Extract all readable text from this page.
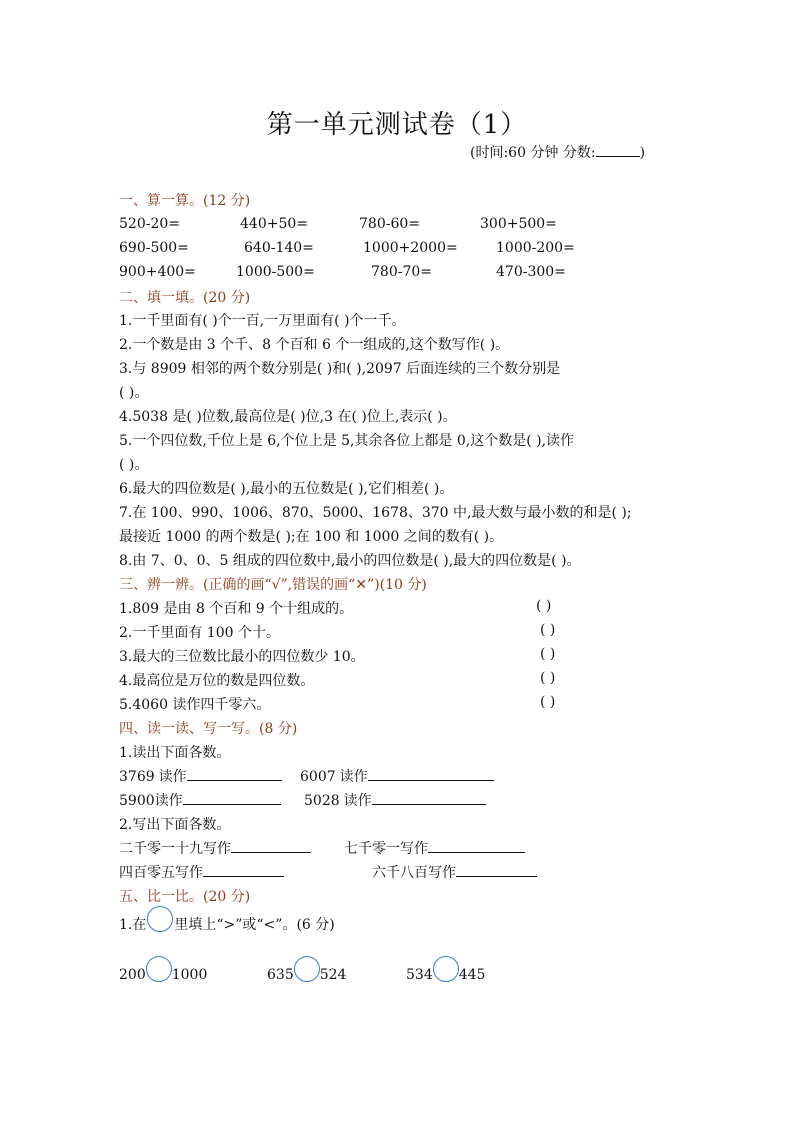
第一单元测试卷（1）
(时间:60 分钟 分数:	)
一、算一算。(12 分)
520-20=	440+50=	780-60=	300+500=
690-500=	640-140=	1000+2000=	1000-200=
900+400=	1000-500=	780-70=	470-300=
二、填一填。(20 分)
1.一千里面有( )个一百,一万里面有( )个一千。
2.一个数是由 3 个千、8 个百和 6 个一组成的,这个数写作( )。
3.与 8909 相邻的两个数分别是( )和( ),2097 后面连续的三个数分别是
( )。
4.5038 是( )位数,最高位是( )位,3 在( )位上,表示( )。
5.一个四位数,千位上是 6,个位上是 5,其余各位上都是 0,这个数是( ),读作
( )。
6.最大的四位数是( ),最小的五位数是( ),它们相差( )。
7.在 100、990、1006、870、5000、1678、370 中,最大数与最小数的和是( );
最接近 1000 的两个数是( );在 100 和 1000 之间的数有( )。
8.由 7、0、0、5 组成的四位数中,最小的四位数是( ),最大的四位数是( )。
三、辨一辨。(正确的画“√”,错误的画“✕”)(10 分)
1.809 是由 8 个百和 9 个十组成的。	( )
2.一千里面有 100 个十。	( )
3.最大的三位数比最小的四位数少 10。	( )
4.最高位是万位的数是四位数。	( )
5.4060 读作四千零六。	( )
四、读一读、写一写。(8 分)
1.读出下面各数。
3769 读作	6007 读作
5900读作	5028 读作
2.写出下面各数。
二千零一十九写作	七千零一写作
四百零五写作	六千八百写作
五、比一比。(20 分)
1.在 里填上“>”或“<”。(6 分)
200 1000	635 524	534 445
